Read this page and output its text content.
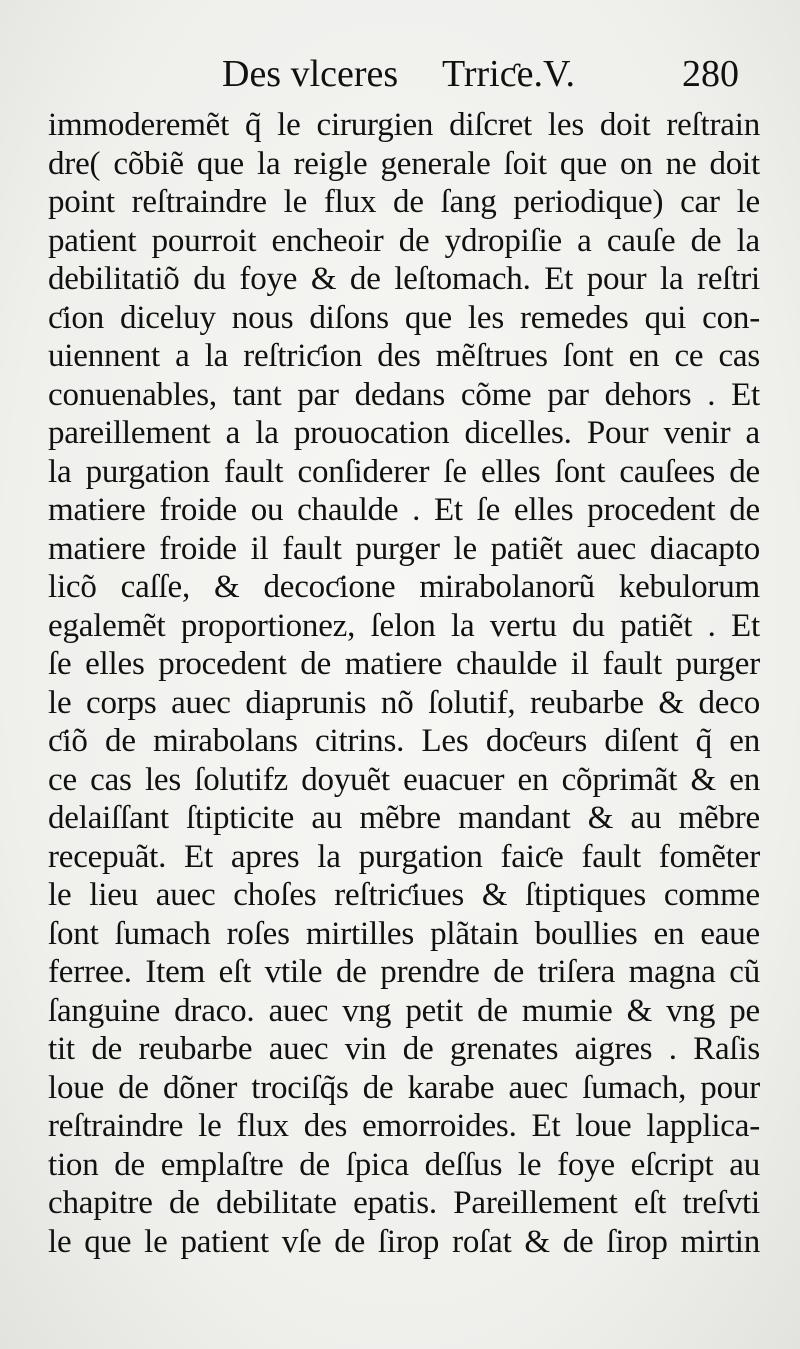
Des vlceres Trriƈe.V.	280
immoderemẽt q̃ le cirurgien diſcret les doit reſtrain
dre( cõbiẽ que la reigle generale ſoit que on ne doit
point reſtraindre le flux de ſang periodique) car le
patient pourroit encheoir de ydropiſie a cauſe de la
debilitatiõ du foye & de leſtomach. Et pour la reſtri
ƈion diceluy nous diſons que les remedes qui con-
uiennent a la reſtriƈion des mẽſtrues ſont en ce cas
conuenables, tant par dedans cõme par dehors . Et
pareillement a la prouocation dicelles. Pour venir a
la purgation fault conſiderer ſe elles ſont cauſees de
matiere froide ou chaulde . Et ſe elles procedent de
matiere froide il fault purger le patiẽt auec diacapto
licõ caſſe, & decoƈione mirabolanorũ kebulorum
egalemẽt proportionez, ſelon la vertu du patiẽt . Et
ſe elles procedent de matiere chaulde il fault purger
le corps auec diaprunis nõ ſolutif, reubarbe & deco
ƈiõ de mirabolans citrins. Les doƈeurs diſent q̃ en
ce cas les ſolutifz doyuẽt euacuer en cõprimãt & en
delaiſſant ſtipticite au mẽbre mandant & au mẽbre
recepuãt. Et apres la purgation faiƈe fault fomẽter
le lieu auec choſes reſtriƈiues & ſtiptiques comme
ſont ſumach roſes mirtilles plãtain boullies en eaue
ferree. Item eſt vtile de prendre de triſera magna cũ
ſanguine draco. auec vng petit de mumie & vng pe
tit de reubarbe auec vin de grenates aigres . Raſis
loue de dõner trociſq̃s de karabe auec ſumach, pour
reſtraindre le flux des emorroides. Et loue lapplica-
tion de emplaſtre de ſpica deſſus le foye eſcript au
chapitre de debilitate epatis. Pareillement eſt treſvti
le que le patient vſe de ſirop roſat & de ſirop mirtin
